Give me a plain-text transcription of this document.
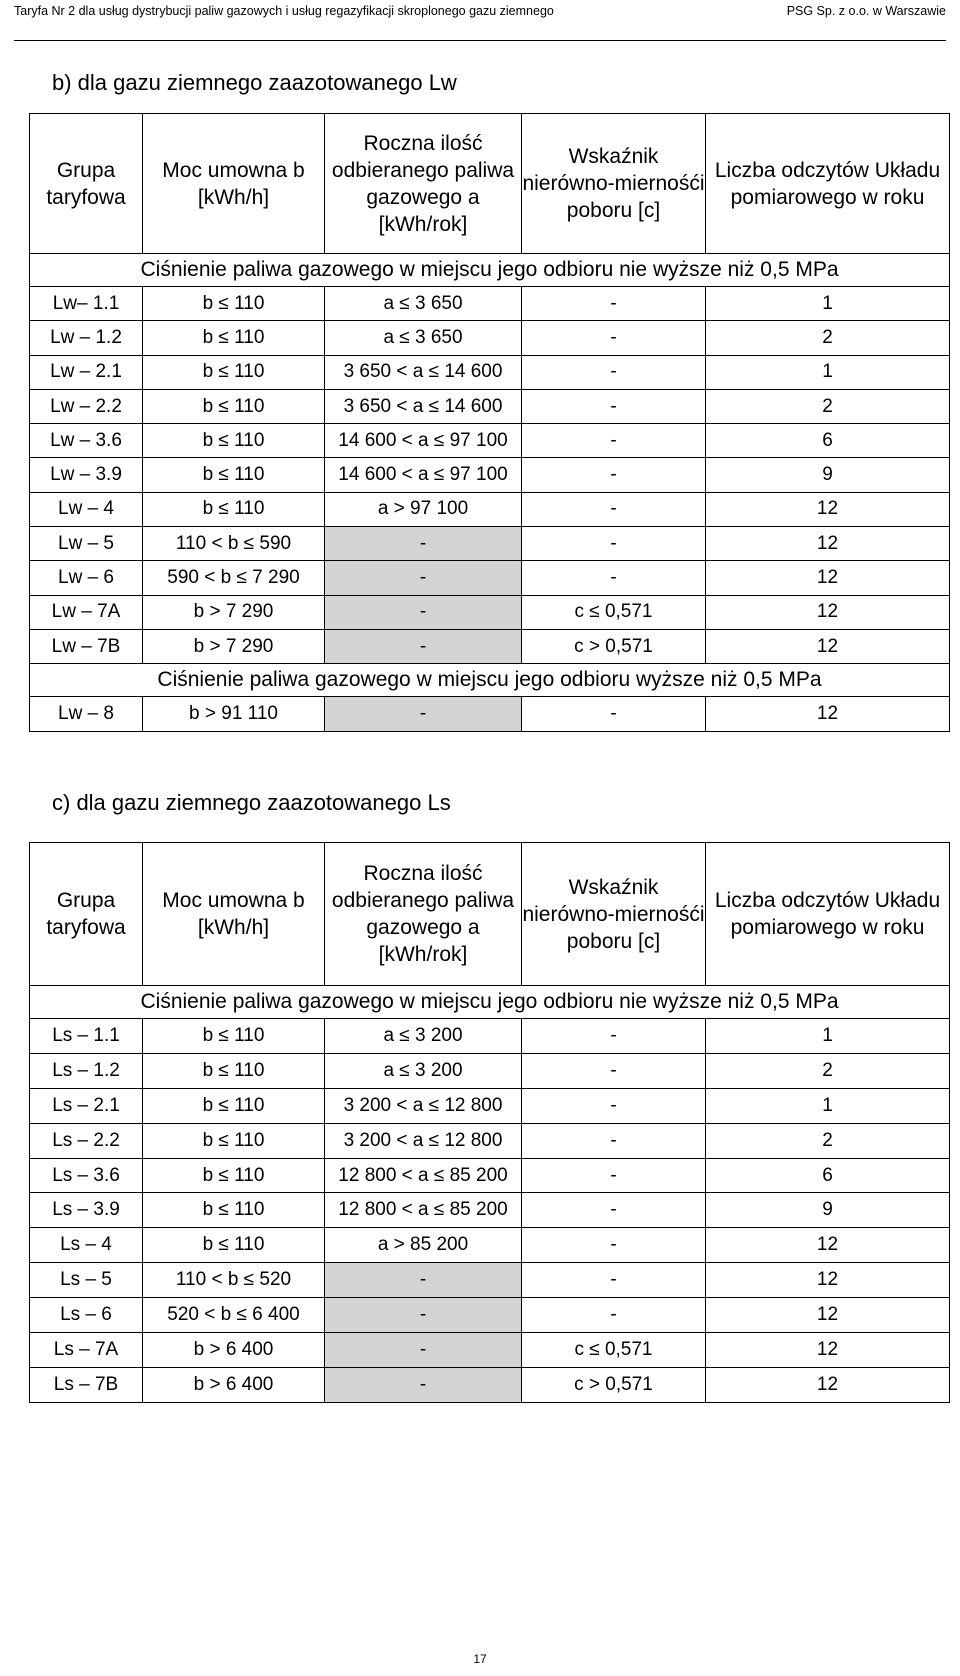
Taryfa Nr 2 dla usług dystrybucji paliw gazowych i usług regazyfikacji skroplonego gazu ziemnego	PSG Sp. z o.o. w Warszawie
b) dla gazu ziemnego zaazotowanego Lw
Grupa taryfowa	Moc umowna b [kWh/h]	Roczna ilość odbieranego paliwa gazowego a [kWh/rok]	Wskaźnik nierówno-miernośći poboru [c]	Liczba odczytów Układu pomiarowego w roku
Ciśnienie paliwa gazowego w miejscu jego odbioru nie wyższe niż 0,5 MPa				
Lw– 1.1	b ≤ 110	a ≤ 3 650	-	1
Lw – 1.2	b ≤ 110	a ≤ 3 650	-	2
Lw – 2.1	b ≤ 110	3 650 < a ≤ 14 600	-	1
Lw – 2.2	b ≤ 110	3 650 < a ≤ 14 600	-	2
Lw – 3.6	b ≤ 110	14 600 < a ≤ 97 100	-	6
Lw – 3.9	b ≤ 110	14 600 < a ≤ 97 100	-	9
Lw – 4	b ≤ 110	a > 97 100	-	12
Lw – 5	110 < b ≤ 590	-	-	12
Lw – 6	590 < b ≤ 7 290	-	-	12
Lw – 7A	b > 7 290	-	c ≤ 0,571	12
Lw – 7B	b > 7 290	-	c > 0,571	12
Ciśnienie paliwa gazowego w miejscu jego odbioru wyższe niż 0,5 MPa				
Lw – 8	b > 91 110	-	-	12
c) dla gazu ziemnego zaazotowanego Ls
Grupa taryfowa	Moc umowna b [kWh/h]	Roczna ilość odbieranego paliwa gazowego a [kWh/rok]	Wskaźnik nierówno-miernośći poboru [c]	Liczba odczytów Układu pomiarowego w roku
Ciśnienie paliwa gazowego w miejscu jego odbioru nie wyższe niż 0,5 MPa				
Ls – 1.1	b ≤ 110	a ≤ 3 200	-	1
Ls – 1.2	b ≤ 110	a ≤ 3 200	-	2
Ls – 2.1	b ≤ 110	3 200 < a ≤ 12 800	-	1
Ls – 2.2	b ≤ 110	3 200 < a ≤ 12 800	-	2
Ls – 3.6	b ≤ 110	12 800 < a ≤ 85 200	-	6
Ls – 3.9	b ≤ 110	12 800 < a ≤ 85 200	-	9
Ls – 4	b ≤ 110	a > 85 200	-	12
Ls – 5	110 < b ≤ 520	-	-	12
Ls – 6	520 < b ≤ 6 400	-	-	12
Ls – 7A	b > 6 400	-	c ≤ 0,571	12
Ls – 7B	b > 6 400	-	c > 0,571	12
17
